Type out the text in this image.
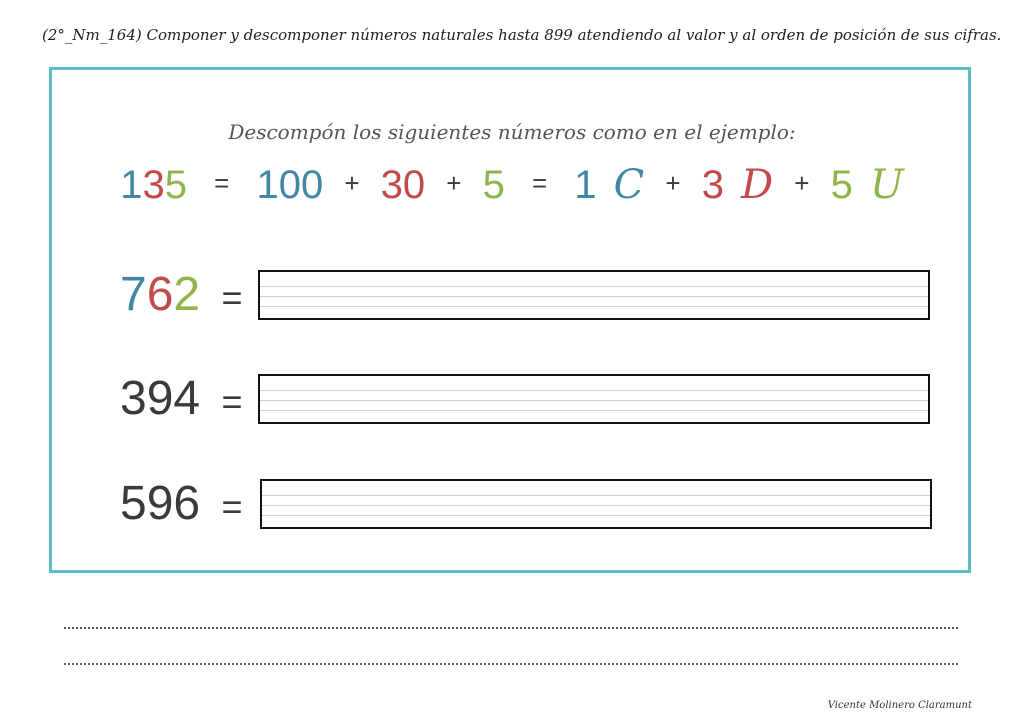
(2°_Nm_164) Componer y descomponer números naturales hasta 899 atendiendo al valor y al orden de posición de sus cifras.
Descompón los siguientes números como en el ejemplo:
135 = 100 + 30 + 5 = 1 C + 3 D + 5 U
762 =
394 =
596 =
Vicente Molinero Claramunt
